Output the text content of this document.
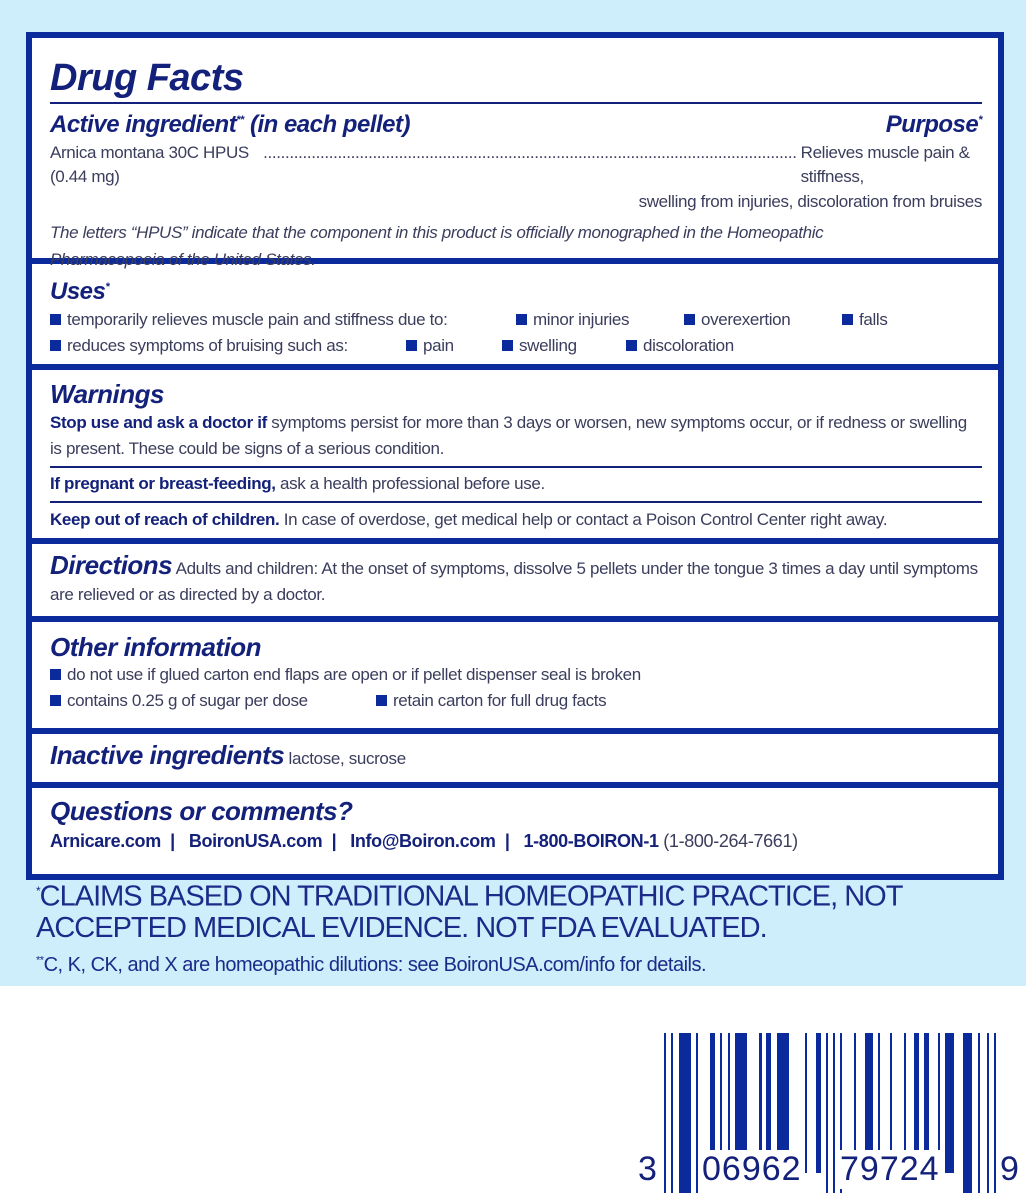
Drug Facts
Active ingredient** (in each pellet)	Purpose*
Arnica montana 30C HPUS (0.44 mg)
.......................................................................................................................... Relieves muscle pain & stiffness,
swelling from injuries, discoloration from bruises
The letters “HPUS” indicate that the component in this product is officially monographed in the Homeopathic Pharmacopoeia of the United States.
Uses*
temporarily relieves muscle pain and stiffness due to:	minor injuries	overexertion	falls
reduces symptoms of bruising such as:	pain	swelling	discoloration
Warnings
Stop use and ask a doctor if symptoms persist for more than 3 days or worsen, new symptoms occur, or if redness or swelling is present. These could be signs of a serious condition.
If pregnant or breast-feeding, ask a health professional before use.
Keep out of reach of children. In case of overdose, get medical help or contact a Poison Control Center right away.
Directions Adults and children: At the onset of symptoms, dissolve 5 pellets under the tongue 3 times a day until symptoms are relieved or as directed by a doctor.
Other information
do not use if glued carton end flaps are open or if pellet dispenser seal is broken
contains 0.25 g of sugar per dose	retain carton for full drug facts
Inactive ingredients lactose, sucrose
Questions or comments?
Arnicare.com | BoironUSA.com | Info@Boiron.com | 1-800-BOIRON-1 (1-800-264-7661)
*CLAIMS BASED ON TRADITIONAL HOMEOPATHIC PRACTICE, NOT ACCEPTED MEDICAL EVIDENCE. NOT FDA EVALUATED.
**C, K, CK, and X are homeopathic dilutions: see BoironUSA.com/info for details.
3 06962 79724 9
